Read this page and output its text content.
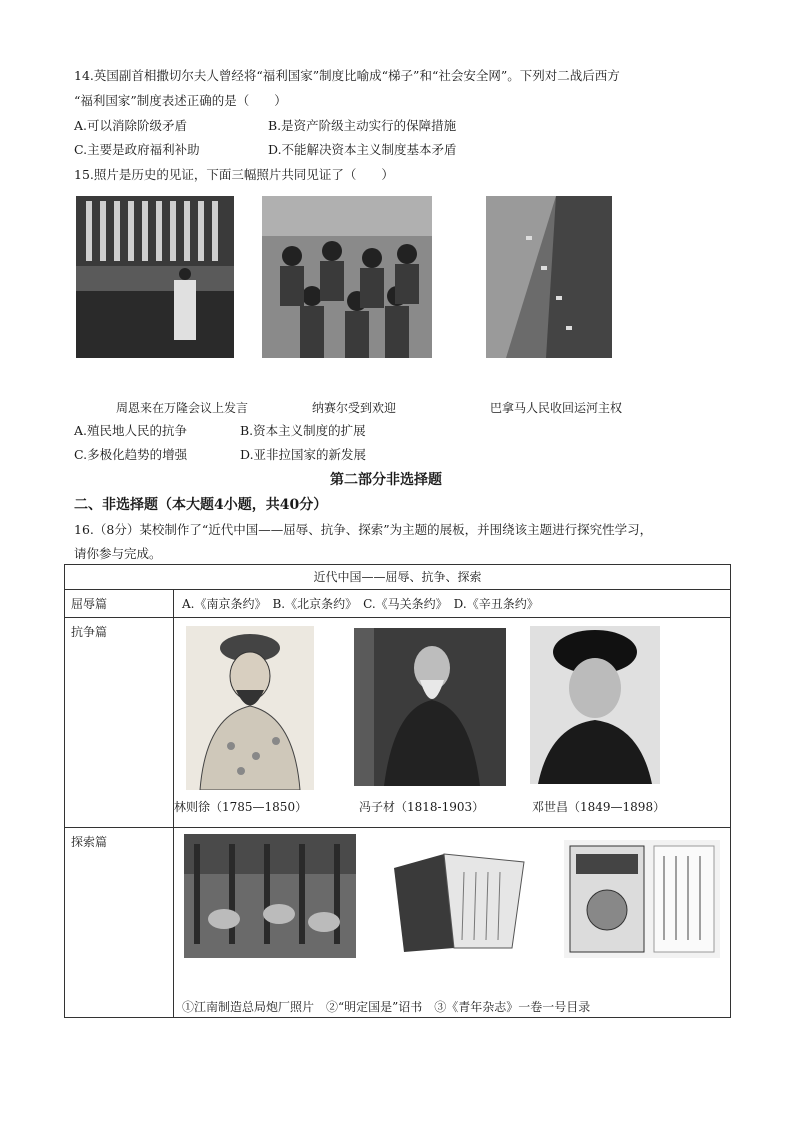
14.英国副首相撒切尔夫人曾经将“福利国家”制度比喻成“梯子”和“社会安全网”。下列对二战后西方
“福利国家”制度表述正确的是（　　）
A.可以消除阶级矛盾	B.是资产阶级主动实行的保障措施
C.主要是政府福利补助	D.不能解决资本主义制度基本矛盾
15.照片是历史的见证，下面三幅照片共同见证了（　　）
周恩来在万隆会议上发言	纳赛尔受到欢迎	巴拿马人民收回运河主权
A.殖民地人民的抗争	B.资本主义制度的扩展
C.多极化趋势的增强	D.亚非拉国家的新发展
第二部分非选择题
二、非选择题（本大题4小题，共40分）
16.（8分）某校制作了“近代中国——屈辱、抗争、探索”为主题的展板，并围绕该主题进行探究性学习，
请你参与完成。
近代中国——屈辱、抗争、探索	
屈辱篇	A.《南京条约》　B.《北京条约》　C.《马关条约》　D.《辛丑条约》
抗争篇	林则徐（1785—1850） 冯子材（1818-1903） 邓世昌（1849—1898）

探索篇	①江南制造总局炮厂照片　②“明定国是”诏书　③《青年杂志》一卷一号目录
